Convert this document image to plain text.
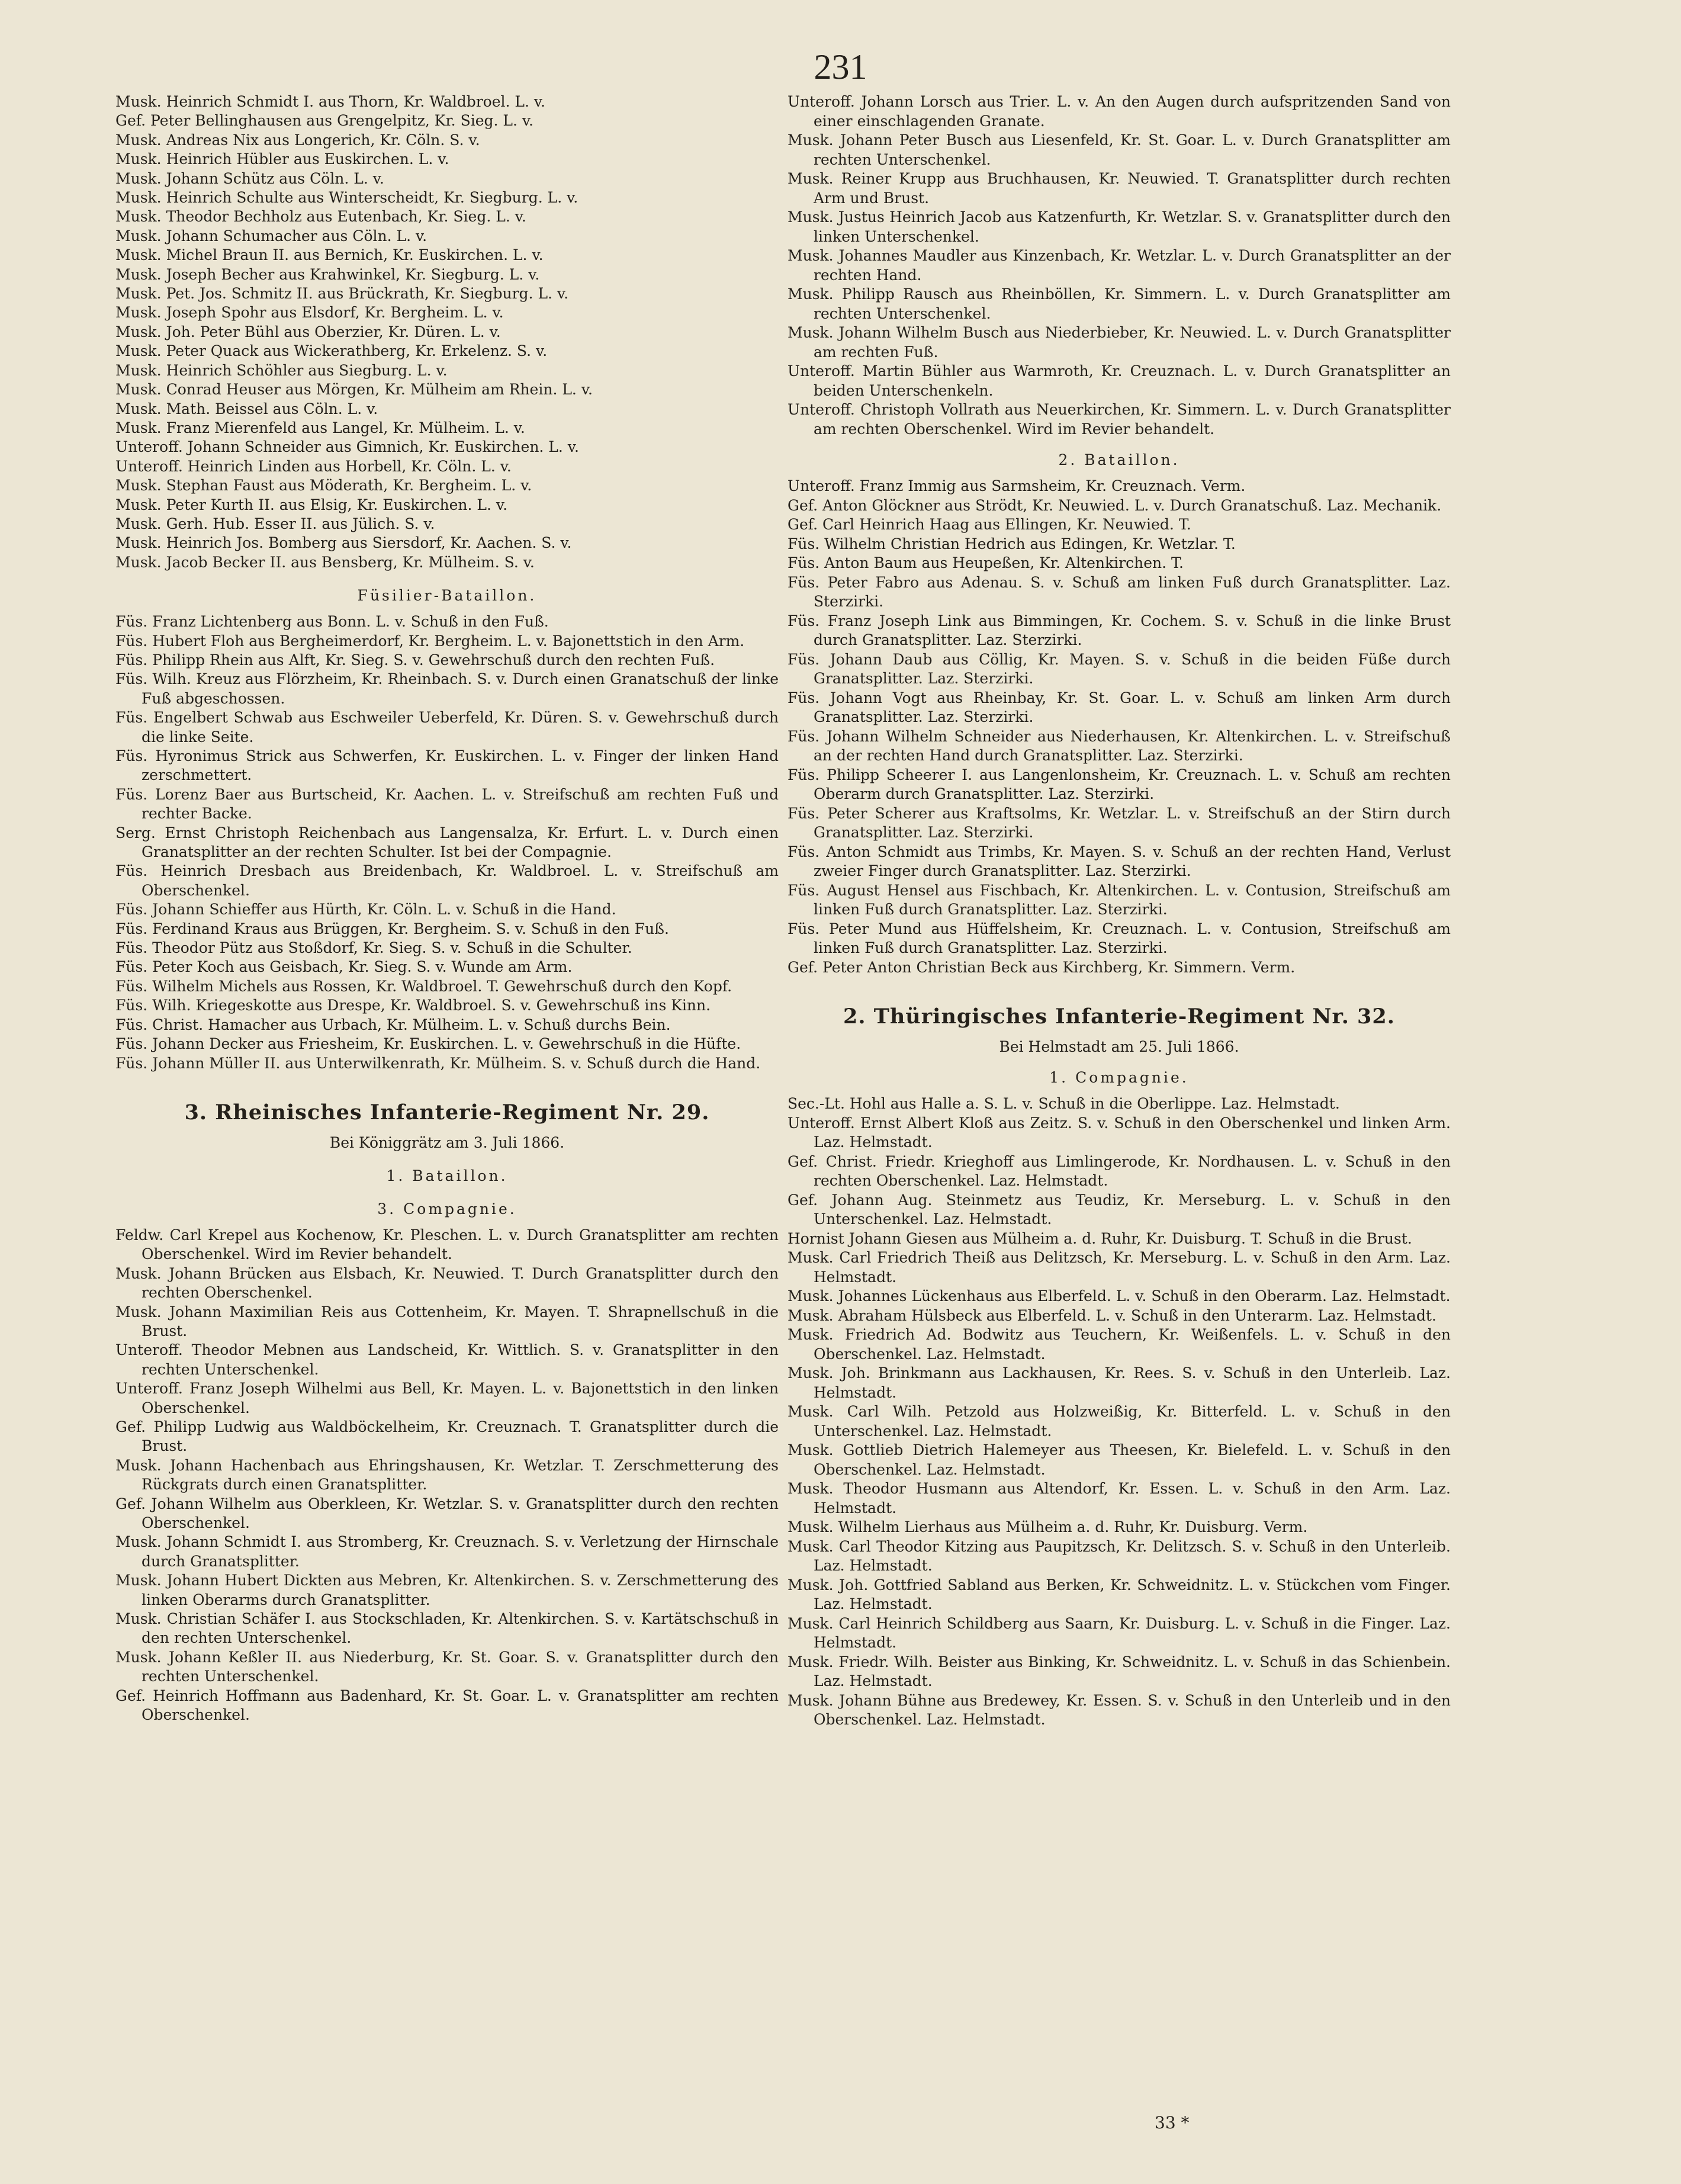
231
Musk. Heinrich Schmidt I. aus Thorn, Kr. Waldbroel. L. v.
Gef. Peter Bellinghausen aus Grengelpitz, Kr. Sieg. L. v.
Musk. Andreas Nix aus Longerich, Kr. Cöln. S. v.
Musk. Heinrich Hübler aus Euskirchen. L. v.
Musk. Johann Schütz aus Cöln. L. v.
Musk. Heinrich Schulte aus Winterscheidt, Kr. Siegburg. L. v.
Musk. Theodor Bechholz aus Eutenbach, Kr. Sieg. L. v.
Musk. Johann Schumacher aus Cöln. L. v.
Musk. Michel Braun II. aus Bernich, Kr. Euskirchen. L. v.
Musk. Joseph Becher aus Krahwinkel, Kr. Siegburg. L. v.
Musk. Pet. Jos. Schmitz II. aus Brückrath, Kr. Siegburg. L. v.
Musk. Joseph Spohr aus Elsdorf, Kr. Bergheim. L. v.
Musk. Joh. Peter Bühl aus Oberzier, Kr. Düren. L. v.
Musk. Peter Quack aus Wickerathberg, Kr. Erkelenz. S. v.
Musk. Heinrich Schöhler aus Siegburg. L. v.
Musk. Conrad Heuser aus Mörgen, Kr. Mülheim am Rhein. L. v.
Musk. Math. Beissel aus Cöln. L. v.
Musk. Franz Mierenfeld aus Langel, Kr. Mülheim. L. v.
Unteroff. Johann Schneider aus Gimnich, Kr. Euskirchen. L. v.
Unteroff. Heinrich Linden aus Horbell, Kr. Cöln. L. v.
Musk. Stephan Faust aus Möderath, Kr. Bergheim. L. v.
Musk. Peter Kurth II. aus Elsig, Kr. Euskirchen. L. v.
Musk. Gerh. Hub. Esser II. aus Jülich. S. v.
Musk. Heinrich Jos. Bomberg aus Siersdorf, Kr. Aachen. S. v.
Musk. Jacob Becker II. aus Bensberg, Kr. Mülheim. S. v.
Füsilier-Bataillon.
Füs. Franz Lichtenberg aus Bonn. L. v. Schuß in den Fuß.
Füs. Hubert Floh aus Bergheimerdorf, Kr. Bergheim. L. v. Bajonettstich in den Arm.
Füs. Philipp Rhein aus Alft, Kr. Sieg. S. v. Gewehrschuß durch den rechten Fuß.
Füs. Wilh. Kreuz aus Flörzheim, Kr. Rheinbach. S. v. Durch einen Granatschuß der linke Fuß abgeschossen.
Füs. Engelbert Schwab aus Eschweiler Ueberfeld, Kr. Düren. S. v. Gewehrschuß durch die linke Seite.
Füs. Hyronimus Strick aus Schwerfen, Kr. Euskirchen. L. v. Finger der linken Hand zerschmettert.
Füs. Lorenz Baer aus Burtscheid, Kr. Aachen. L. v. Streifschuß am rechten Fuß und rechter Backe.
Serg. Ernst Christoph Reichenbach aus Langensalza, Kr. Erfurt. L. v. Durch einen Granatsplitter an der rechten Schulter. Ist bei der Compagnie.
Füs. Heinrich Dresbach aus Breidenbach, Kr. Waldbroel. L. v. Streifschuß am Oberschenkel.
Füs. Johann Schieffer aus Hürth, Kr. Cöln. L. v. Schuß in die Hand.
Füs. Ferdinand Kraus aus Brüggen, Kr. Bergheim. S. v. Schuß in den Fuß.
Füs. Theodor Pütz aus Stoßdorf, Kr. Sieg. S. v. Schuß in die Schulter.
Füs. Peter Koch aus Geisbach, Kr. Sieg. S. v. Wunde am Arm.
Füs. Wilhelm Michels aus Rossen, Kr. Waldbroel. T. Gewehrschuß durch den Kopf.
Füs. Wilh. Kriegeskotte aus Drespe, Kr. Waldbroel. S. v. Gewehrschuß ins Kinn.
Füs. Christ. Hamacher aus Urbach, Kr. Mülheim. L. v. Schuß durchs Bein.
Füs. Johann Decker aus Friesheim, Kr. Euskirchen. L. v. Gewehrschuß in die Hüfte.
Füs. Johann Müller II. aus Unterwilkenrath, Kr. Mülheim. S. v. Schuß durch die Hand.
3. Rheinisches Infanterie-Regiment Nr. 29.
Bei Königgrätz am 3. Juli 1866.
1. Bataillon.
3. Compagnie.
Feldw. Carl Krepel aus Kochenow, Kr. Pleschen. L. v. Durch Granatsplitter am rechten Oberschenkel. Wird im Revier behandelt.
Musk. Johann Brücken aus Elsbach, Kr. Neuwied. T. Durch Granatsplitter durch den rechten Oberschenkel.
Musk. Johann Maximilian Reis aus Cottenheim, Kr. Mayen. T. Shrapnellschuß in die Brust.
Unteroff. Theodor Mebnen aus Landscheid, Kr. Wittlich. S. v. Granatsplitter in den rechten Unterschenkel.
Unteroff. Franz Joseph Wilhelmi aus Bell, Kr. Mayen. L. v. Bajonettstich in den linken Oberschenkel.
Gef. Philipp Ludwig aus Waldböckelheim, Kr. Creuznach. T. Granatsplitter durch die Brust.
Musk. Johann Hachenbach aus Ehringshausen, Kr. Wetzlar. T. Zerschmetterung des Rückgrats durch einen Granatsplitter.
Gef. Johann Wilhelm aus Oberkleen, Kr. Wetzlar. S. v. Granatsplitter durch den rechten Oberschenkel.
Musk. Johann Schmidt I. aus Stromberg, Kr. Creuznach. S. v. Verletzung der Hirnschale durch Granatsplitter.
Musk. Johann Hubert Dickten aus Mebren, Kr. Altenkirchen. S. v. Zerschmetterung des linken Oberarms durch Granatsplitter.
Musk. Christian Schäfer I. aus Stockschladen, Kr. Altenkirchen. S. v. Kartätschschuß in den rechten Unterschenkel.
Musk. Johann Keßler II. aus Niederburg, Kr. St. Goar. S. v. Granatsplitter durch den rechten Unterschenkel.
Gef. Heinrich Hoffmann aus Badenhard, Kr. St. Goar. L. v. Granatsplitter am rechten Oberschenkel.
Unteroff. Johann Lorsch aus Trier. L. v. An den Augen durch aufspritzenden Sand von einer einschlagenden Granate.
Musk. Johann Peter Busch aus Liesenfeld, Kr. St. Goar. L. v. Durch Granatsplitter am rechten Unterschenkel.
Musk. Reiner Krupp aus Bruchhausen, Kr. Neuwied. T. Granatsplitter durch rechten Arm und Brust.
Musk. Justus Heinrich Jacob aus Katzenfurth, Kr. Wetzlar. S. v. Granatsplitter durch den linken Unterschenkel.
Musk. Johannes Maudler aus Kinzenbach, Kr. Wetzlar. L. v. Durch Granatsplitter an der rechten Hand.
Musk. Philipp Rausch aus Rheinböllen, Kr. Simmern. L. v. Durch Granatsplitter am rechten Unterschenkel.
Musk. Johann Wilhelm Busch aus Niederbieber, Kr. Neuwied. L. v. Durch Granatsplitter am rechten Fuß.
Unteroff. Martin Bühler aus Warmroth, Kr. Creuznach. L. v. Durch Granatsplitter an beiden Unterschenkeln.
Unteroff. Christoph Vollrath aus Neuerkirchen, Kr. Simmern. L. v. Durch Granatsplitter am rechten Oberschenkel. Wird im Revier behandelt.
2. Bataillon.
Unteroff. Franz Immig aus Sarmsheim, Kr. Creuznach. Verm.
Gef. Anton Glöckner aus Strödt, Kr. Neuwied. L. v. Durch Granatschuß. Laz. Mechanik.
Gef. Carl Heinrich Haag aus Ellingen, Kr. Neuwied. T.
Füs. Wilhelm Christian Hedrich aus Edingen, Kr. Wetzlar. T.
Füs. Anton Baum aus Heupeßen, Kr. Altenkirchen. T.
Füs. Peter Fabro aus Adenau. S. v. Schuß am linken Fuß durch Granatsplitter. Laz. Sterzirki.
Füs. Franz Joseph Link aus Bimmingen, Kr. Cochem. S. v. Schuß in die linke Brust durch Granatsplitter. Laz. Sterzirki.
Füs. Johann Daub aus Cöllig, Kr. Mayen. S. v. Schuß in die beiden Füße durch Granatsplitter. Laz. Sterzirki.
Füs. Johann Vogt aus Rheinbay, Kr. St. Goar. L. v. Schuß am linken Arm durch Granatsplitter. Laz. Sterzirki.
Füs. Johann Wilhelm Schneider aus Niederhausen, Kr. Altenkirchen. L. v. Streifschuß an der rechten Hand durch Granatsplitter. Laz. Sterzirki.
Füs. Philipp Scheerer I. aus Langenlonsheim, Kr. Creuznach. L. v. Schuß am rechten Oberarm durch Granatsplitter. Laz. Sterzirki.
Füs. Peter Scherer aus Kraftsolms, Kr. Wetzlar. L. v. Streifschuß an der Stirn durch Granatsplitter. Laz. Sterzirki.
Füs. Anton Schmidt aus Trimbs, Kr. Mayen. S. v. Schuß an der rechten Hand, Verlust zweier Finger durch Granatsplitter. Laz. Sterzirki.
Füs. August Hensel aus Fischbach, Kr. Altenkirchen. L. v. Contusion, Streifschuß am linken Fuß durch Granatsplitter. Laz. Sterzirki.
Füs. Peter Mund aus Hüffelsheim, Kr. Creuznach. L. v. Contusion, Streifschuß am linken Fuß durch Granatsplitter. Laz. Sterzirki.
Gef. Peter Anton Christian Beck aus Kirchberg, Kr. Simmern. Verm.
2. Thüringisches Infanterie-Regiment Nr. 32.
Bei Helmstadt am 25. Juli 1866.
1. Compagnie.
Sec.-Lt. Hohl aus Halle a. S. L. v. Schuß in die Oberlippe. Laz. Helmstadt.
Unteroff. Ernst Albert Kloß aus Zeitz. S. v. Schuß in den Oberschenkel und linken Arm. Laz. Helmstadt.
Gef. Christ. Friedr. Krieghoff aus Limlingerode, Kr. Nordhausen. L. v. Schuß in den rechten Oberschenkel. Laz. Helmstadt.
Gef. Johann Aug. Steinmetz aus Teudiz, Kr. Merseburg. L. v. Schuß in den Unterschenkel. Laz. Helmstadt.
Hornist Johann Giesen aus Mülheim a. d. Ruhr, Kr. Duisburg. T. Schuß in die Brust.
Musk. Carl Friedrich Theiß aus Delitzsch, Kr. Merseburg. L. v. Schuß in den Arm. Laz. Helmstadt.
Musk. Johannes Lückenhaus aus Elberfeld. L. v. Schuß in den Oberarm. Laz. Helmstadt.
Musk. Abraham Hülsbeck aus Elberfeld. L. v. Schuß in den Unterarm. Laz. Helmstadt.
Musk. Friedrich Ad. Bodwitz aus Teuchern, Kr. Weißenfels. L. v. Schuß in den Oberschenkel. Laz. Helmstadt.
Musk. Joh. Brinkmann aus Lackhausen, Kr. Rees. S. v. Schuß in den Unterleib. Laz. Helmstadt.
Musk. Carl Wilh. Petzold aus Holzweißig, Kr. Bitterfeld. L. v. Schuß in den Unterschenkel. Laz. Helmstadt.
Musk. Gottlieb Dietrich Halemeyer aus Theesen, Kr. Bielefeld. L. v. Schuß in den Oberschenkel. Laz. Helmstadt.
Musk. Theodor Husmann aus Altendorf, Kr. Essen. L. v. Schuß in den Arm. Laz. Helmstadt.
Musk. Wilhelm Lierhaus aus Mülheim a. d. Ruhr, Kr. Duisburg. Verm.
Musk. Carl Theodor Kitzing aus Paupitzsch, Kr. Delitzsch. S. v. Schuß in den Unterleib. Laz. Helmstadt.
Musk. Joh. Gottfried Sabland aus Berken, Kr. Schweidnitz. L. v. Stückchen vom Finger. Laz. Helmstadt.
Musk. Carl Heinrich Schildberg aus Saarn, Kr. Duisburg. L. v. Schuß in die Finger. Laz. Helmstadt.
Musk. Friedr. Wilh. Beister aus Binking, Kr. Schweidnitz. L. v. Schuß in das Schienbein. Laz. Helmstadt.
Musk. Johann Bühne aus Bredewey, Kr. Essen. S. v. Schuß in den Unterleib und in den Oberschenkel. Laz. Helmstadt.
33 *
